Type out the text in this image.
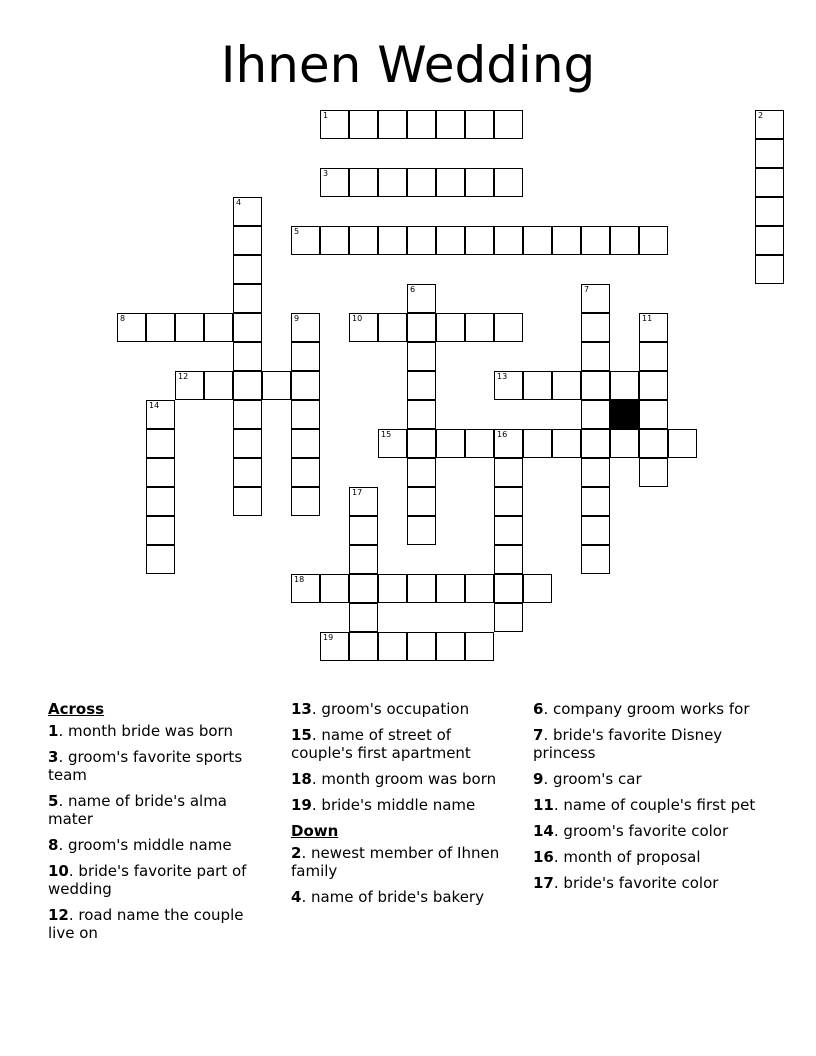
Ihnen Wedding
1	2
3
4
5
6	7
8	9	10	11
12	13
14
15	16
17
18
19
Across
1. month bride was born
3. groom's favorite sports team
5. name of bride's alma mater
8. groom's middle name
10. bride's favorite part of wedding
12. road name the couple live on
13. groom's occupation
15. name of street of couple's first apartment
18. month groom was born
19. bride's middle name
Down
2. newest member of Ihnen family
4. name of bride's bakery
6. company groom works for
7. bride's favorite Disney princess
9. groom's car
11. name of couple's first pet
14. groom's favorite color
16. month of proposal
17. bride's favorite color
